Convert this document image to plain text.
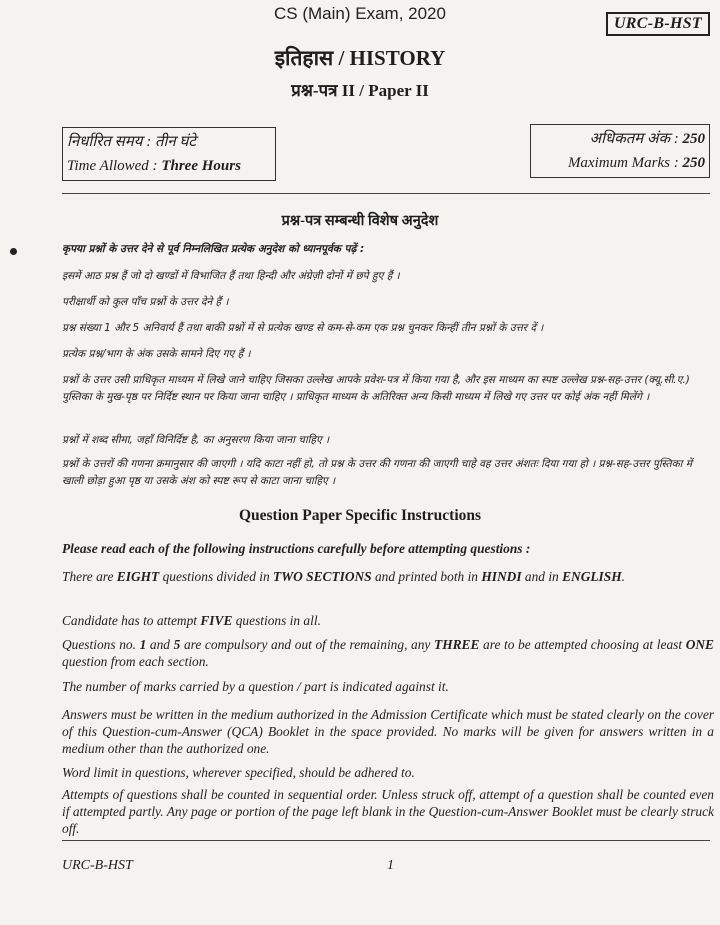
CS (Main) Exam, 2020
URC-B-HST
इतिहास / HISTORY
प्रश्न-पत्र II / Paper II
निर्धारित समय : तीन घंटे
Time Allowed : Three Hours
अधिकतम अंक : 250
Maximum Marks : 250
प्रश्न-पत्र सम्बन्धी विशेष अनुदेश
कृपया प्रश्नों के उत्तर देने से पूर्व निम्नलिखित प्रत्येक अनुदेश को ध्यानपूर्वक पढ़ें :
इसमें आठ प्रश्न हैं जो दो खण्डों में विभाजित हैं तथा हिन्दी और अंग्रेज़ी दोनों में छपे हुए हैं ।
परीक्षार्थी को कुल पाँच प्रश्नों के उत्तर देने हैं ।
प्रश्न संख्या 1 और 5 अनिवार्य हैं तथा बाकी प्रश्नों में से प्रत्येक खण्ड से कम-से-कम एक प्रश्न चुनकर किन्हीं तीन प्रश्नों के उत्तर दें ।
प्रत्येक प्रश्न/भाग के अंक उसके सामने दिए गए हैं ।
प्रश्नों के उत्तर उसी प्राधिकृत माध्यम में लिखे जाने चाहिए जिसका उल्लेख आपके प्रवेश-पत्र में किया गया है, और इस माध्यम का स्पष्ट उल्लेख प्रश्न-सह-उत्तर (क्यू.सी.ए.) पुस्तिका के मुख-पृष्ठ पर निर्दिष्ट स्थान पर किया जाना चाहिए । प्राधिकृत माध्यम के अतिरिक्त अन्य किसी माध्यम में लिखे गए उत्तर पर कोई अंक नहीं मिलेंगे ।
प्रश्नों में शब्द सीमा, जहाँ विनिर्दिष्ट है, का अनुसरण किया जाना चाहिए ।
प्रश्नों के उत्तरों की गणना क्रमानुसार की जाएगी । यदि काटा नहीं हो, तो प्रश्न के उत्तर की गणना की जाएगी चाहे वह उत्तर अंशतः दिया गया हो । प्रश्न-सह-उत्तर पुस्तिका में खाली छोड़ा हुआ पृष्ठ या उसके अंश को स्पष्ट रूप से काटा जाना चाहिए ।
Question Paper Specific Instructions
Please read each of the following instructions carefully before attempting questions :
There are EIGHT questions divided in TWO SECTIONS and printed both in HINDI and in ENGLISH.
Candidate has to attempt FIVE questions in all.
Questions no. 1 and 5 are compulsory and out of the remaining, any THREE are to be attempted choosing at least ONE question from each section.
The number of marks carried by a question / part is indicated against it.
Answers must be written in the medium authorized in the Admission Certificate which must be stated clearly on the cover of this Question-cum-Answer (QCA) Booklet in the space provided. No marks will be given for answers written in a medium other than the authorized one.
Word limit in questions, wherever specified, should be adhered to.
Attempts of questions shall be counted in sequential order. Unless struck off, attempt of a question shall be counted even if attempted partly. Any page or portion of the page left blank in the Question-cum-Answer Booklet must be clearly struck off.
URC-B-HST	1
